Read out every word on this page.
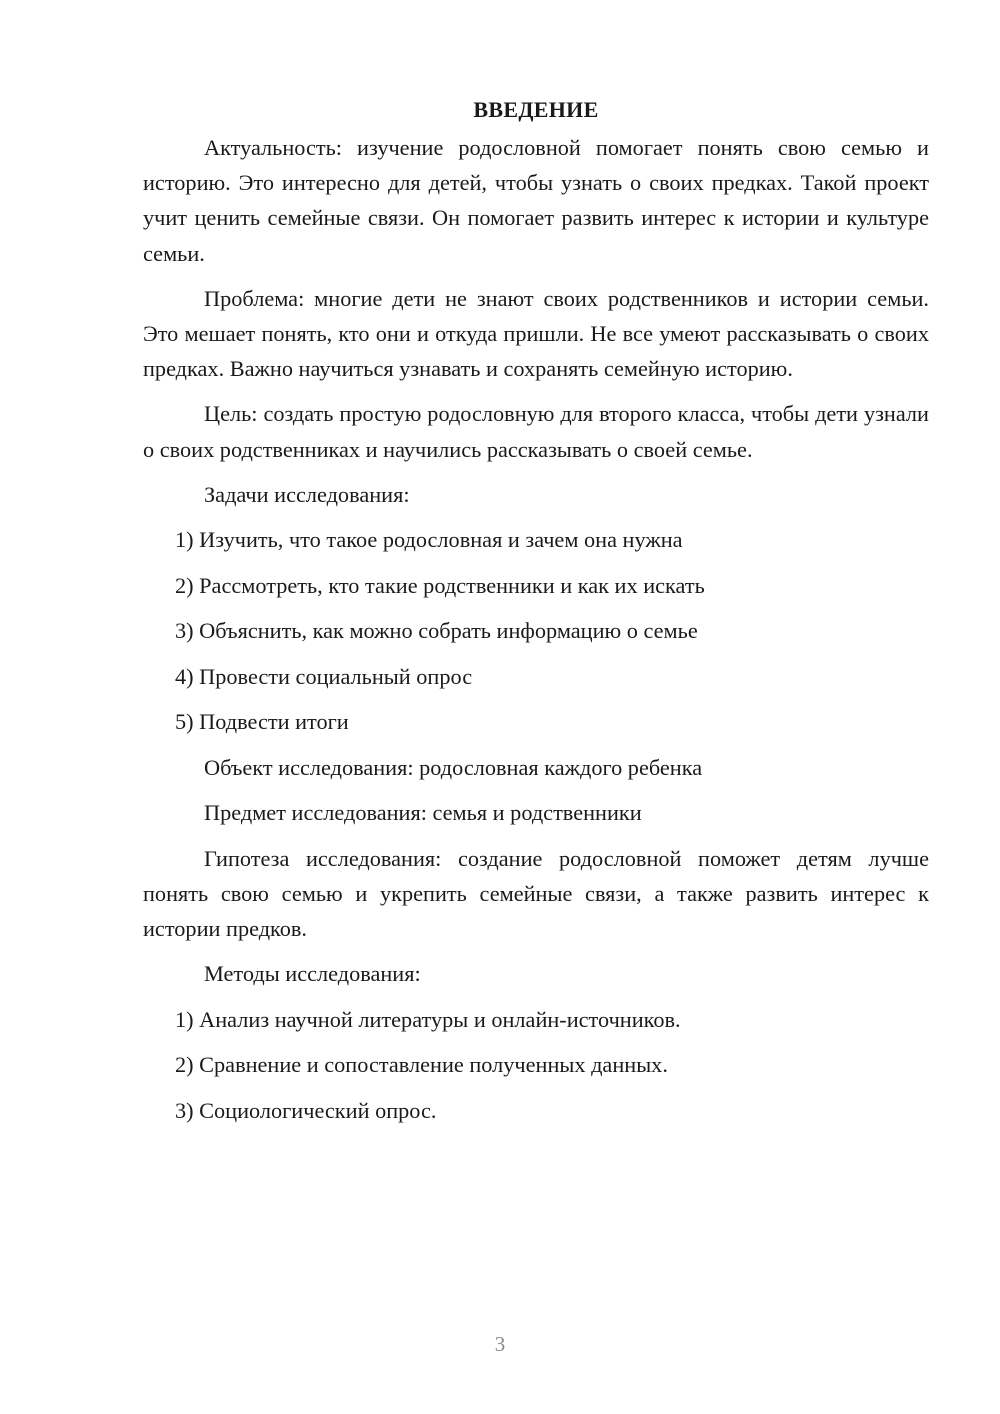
ВВЕДЕНИЕ

Актуальность: изучение родословной помогает понять свою семью и историю. Это интересно для детей, чтобы узнать о своих предках. Такой проект учит ценить семейные связи. Он помогает развить интерес к истории и культуре семьи.

Проблема: многие дети не знают своих родственников и истории семьи. Это мешает понять, кто они и откуда пришли. Не все умеют рассказывать о своих предках. Важно научиться узнавать и сохранять семейную историю.

Цель: создать простую родословную для второго класса, чтобы дети узнали о своих родственниках и научились рассказывать о своей семье.

Задачи исследования:
1) Изучить, что такое родословная и зачем она нужна
2) Рассмотреть, кто такие родственники и как их искать
3) Объяснить, как можно собрать информацию о семье
4) Провести социальный опрос
5) Подвести итоги
Объект исследования: родословная каждого ребенка
Предмет исследования: семья и родственники

Гипотеза исследования: создание родословной поможет детям лучше понять свою семью и укрепить семейные связи, а также развить интерес к истории предков.

Методы исследования:
1) Анализ научной литературы и онлайн-источников.
2) Сравнение и сопоставление полученных данных.
3) Социологический опрос.
3
